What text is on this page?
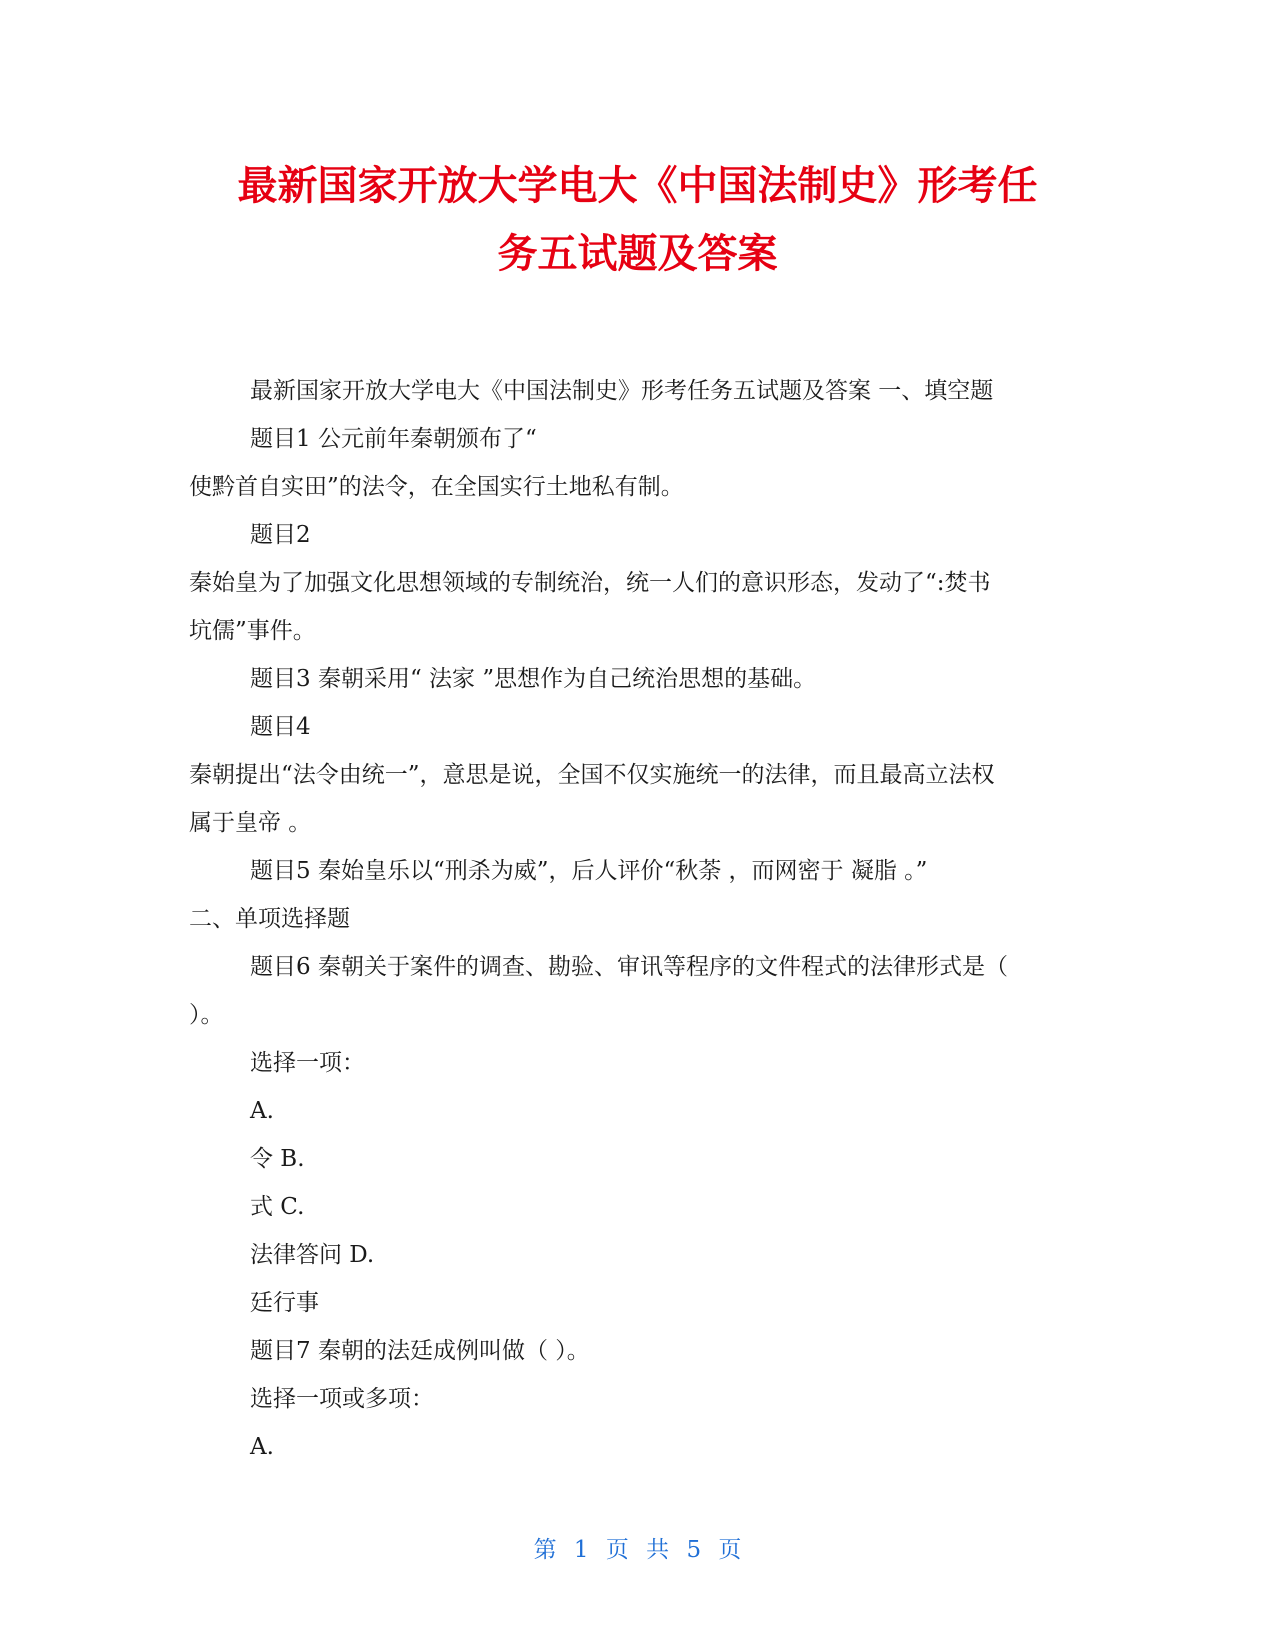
最新国家开放大学电大《中国法制史》形考任
务五试题及答案

最新国家开放大学电大《中国法制史》形考任务五试题及答案 一、填空题

题目1 公元前年秦朝颁布了“

使黔首自实田”的法令，在全国实行土地私有制。

题目2

秦始皇为了加强文化思想领域的专制统治，统一人们的意识形态，发动了“:焚书

坑儒”事件。

题目3 秦朝采用“ 法家 ”思想作为自己统治思想的基础。

题目4

秦朝提出“法令由统一”，意思是说，全国不仅实施统一的法律，而且最高立法权

属于皇帝 。

题目5 秦始皇乐以“刑杀为威”，后人评价“秋荼 ，而网密于 凝脂 。”

二、单项选择题

题目6 秦朝关于案件的调查、勘验、审讯等程序的文件程式的法律形式是（

）。

选择一项：

A.

令 B.

式 C.

法律答问 D.

廷行事

题目7 秦朝的法廷成例叫做（ ）。

选择一项或多项：

A.

第 1 页 共 5 页
